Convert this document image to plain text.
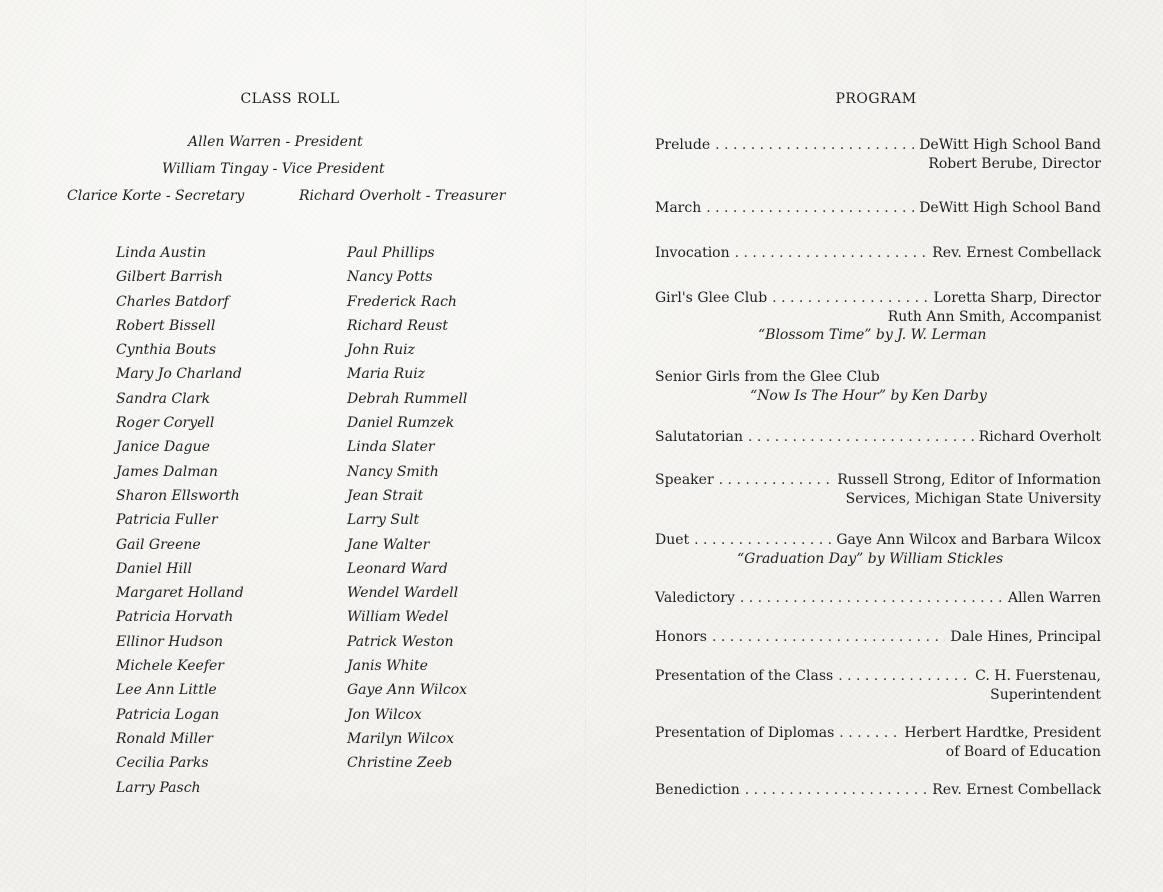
CLASS ROLL
Allen Warren - President
William Tingay - Vice President
Clarice Korte - Secretary	Richard Overholt - Treasurer
Linda Austin
Gilbert Barrish
Charles Batdorf
Robert Bissell
Cynthia Bouts
Mary Jo Charland
Sandra Clark
Roger Coryell
Janice Dague
James Dalman
Sharon Ellsworth
Patricia Fuller
Gail Greene
Daniel Hill
Margaret Holland
Patricia Horvath
Ellinor Hudson
Michele Keefer
Lee Ann Little
Patricia Logan
Ronald Miller
Cecilia Parks
Larry Pasch
Paul Phillips
Nancy Potts
Frederick Rach
Richard Reust
John Ruiz
Maria Ruiz
Debrah Rummell
Daniel Rumzek
Linda Slater
Nancy Smith
Jean Strait
Larry Sult
Jane Walter
Leonard Ward
Wendel Wardell
William Wedel
Patrick Weston
Janis White
Gaye Ann Wilcox
Jon Wilcox
Marilyn Wilcox
Christine Zeeb
PROGRAM
Prelude . . .	DeWitt High School Band
Robert Berube, Director
March . . .	DeWitt High School Band
Invocation . . .	Rev. Ernest Combellack
Girl's Glee Club . . .	Loretta Sharp, Director
Ruth Ann Smith, Accompanist
“Blossom Time” by J. W. Lerman
Senior Girls from the Glee Club
“Now Is The Hour” by Ken Darby
Salutatorian . . .	Richard Overholt
Speaker . . .	Russell Strong, Editor of Information
Services, Michigan State University
Duet . . .	Gaye Ann Wilcox and Barbara Wilcox
“Graduation Day” by William Stickles
Valedictory . . .	Allen Warren
Honors . . .	Dale Hines, Principal
Presentation of the Class . . .	C. H. Fuerstenau,
Superintendent
Presentation of Diplomas . . .	Herbert Hardtke, President
of Board of Education
Benediction . . .	Rev. Ernest Combellack
